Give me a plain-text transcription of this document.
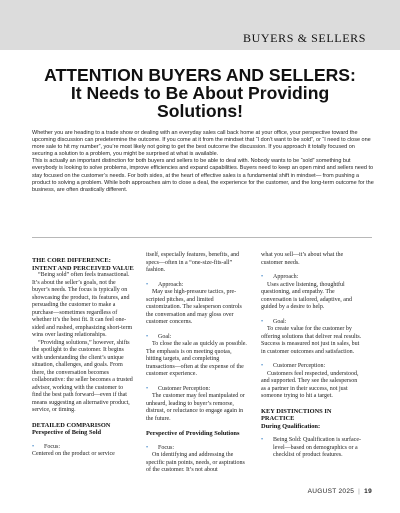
BUYERS & SELLERS
ATTENTION BUYERS AND SELLERS:
It Needs to Be About Providing Solutions!

Whether you are heading to a trade show or dealing with an everyday sales call back home at your office, your perspective toward the upcoming discussion can predetermine the outcome. If you come at it from the mindset that “I don’t want to be sold”, or “I need to close one more sale to hit my number”, you’re most likely not going to get the best outcome the discussion. If you approach it totally focused on securing a solution to a problem, you might be surprised at what is available.

This is actually an important distinction for both buyers and sellers to be able to deal with. Nobody wants to be “sold” something but everybody is looking to solve problems, improve efficiencies and expand capabilities. Buyers need to keep an open mind and sellers need to stay focused on the customer’s needs. For both sides, at the heart of effective sales is a fundamental shift in mindset— from pushing a product to solving a problem. While both approaches aim to close a deal, the experience for the customer, and the long-term outcome for the business, are often drastically different.

THE CORE DIFFERENCE: INTENT AND PERCEIVED VALUE

“Being sold” often feels transactional. It’s about the seller’s goals, not the buyer’s needs. The focus is typically on showcasing the product, its features, and persuading the customer to make a purchase—sometimes regardless of whether it’s the best fit. It can feel one-sided and rushed, emphasizing short-term wins over lasting relationships.

“Providing solutions,” however, shifts the spotlight to the customer. It begins with understanding the client’s unique situation, challenges, and goals. From there, the conversation becomes collaborative: the seller becomes a trusted advisor, working with the customer to find the best path forward—even if that means suggesting an alternative product, service, or timing.

DETAILED COMPARISON

Perspective of Being Sold

•	Focus:

Centered on the product or service

itself, especially features, benefits, and specs—often in a “one-size-fits-all” fashion.

•	Approach:

May use high-pressure tactics, pre-scripted pitches, and limited customization. The salesperson controls the conversation and may gloss over customer concerns.

•	Goal:

To close the sale as quickly as possible. The emphasis is on meeting quotas, hitting targets, and completing transactions—often at the expense of the customer experience.

•	Customer Perception:

The customer may feel manipulated or unheard, leading to buyer’s remorse, distrust, or reluctance to engage again in the future.

Perspective of Providing Solutions

•	Focus:

On identifying and addressing the specific pain points, needs, or aspirations of the customer. It’s not about

what you sell—it’s about what the customer needs.

•	Approach:

Uses active listening, thoughtful questioning, and empathy. The conversation is tailored, adaptive, and guided by a desire to help.

•	Goal:

To create value for the customer by offering solutions that deliver real results. Success is measured not just in sales, but in customer outcomes and satisfaction.

•	Customer Perception:

Customers feel respected, understood, and supported. They see the salesperson as a partner in their success, not just someone trying to hit a target.

KEY DISTINCTIONS IN PRACTICE

During Qualification:

•	Being Sold: Qualification is surface-level—based on demographics or a checklist of product features.
AUGUST 2025 | 19
